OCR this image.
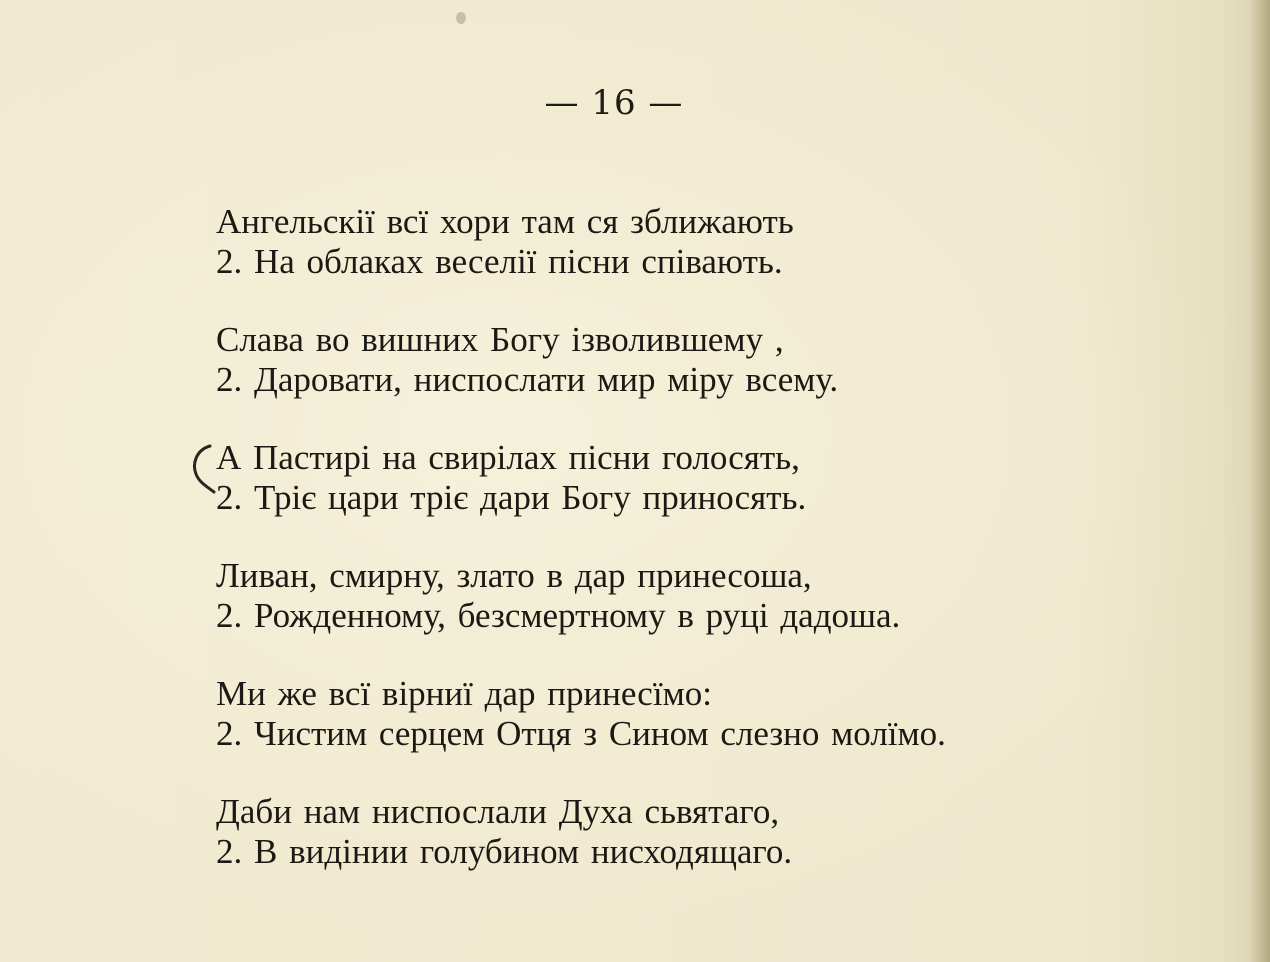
— 16 —
Ангельскії всї хори там ся зближають
2. На облаках веселії пісни співають.
Слава во вишних Богу ізволившему ,
2. Даровати, ниспослати мир міру всему.
А Пастирі на свирілах пісни голосять,
2. Тріє цари тріє дари Богу приносять.
Ливан, смирну, злато в дар принесоша,
2. Рожденному, безсмертному в руці дадоша.
Ми же всї вірниї дар принесїмо:
2. Чистим серцем Отця з Сином слезно молїмо.
Даби нам ниспослали Духа сьвятаго,
2. В видінии голубином нисходящаго.
